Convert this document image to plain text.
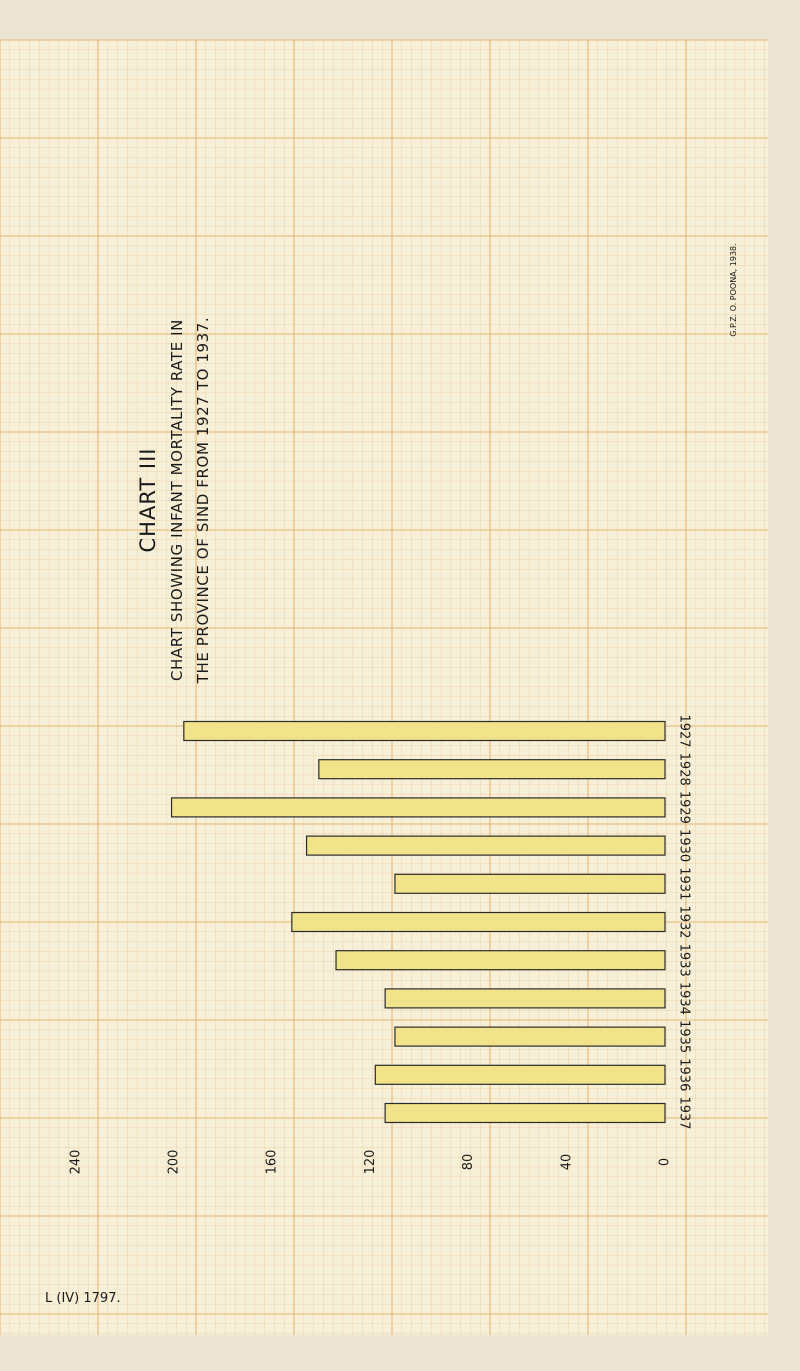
0
40
80
120
160
200
240
1927
1928
1929
1930
1931
1932
1933
1934
1935
1936
1937
CHART III CHART SHOWING INFANT MORTALITY RATE IN THE PROVINCE OF SIND FROM 1927 TO 1937.
G.P.Z. O. POONA, 1938.
L (IV) 1797.
